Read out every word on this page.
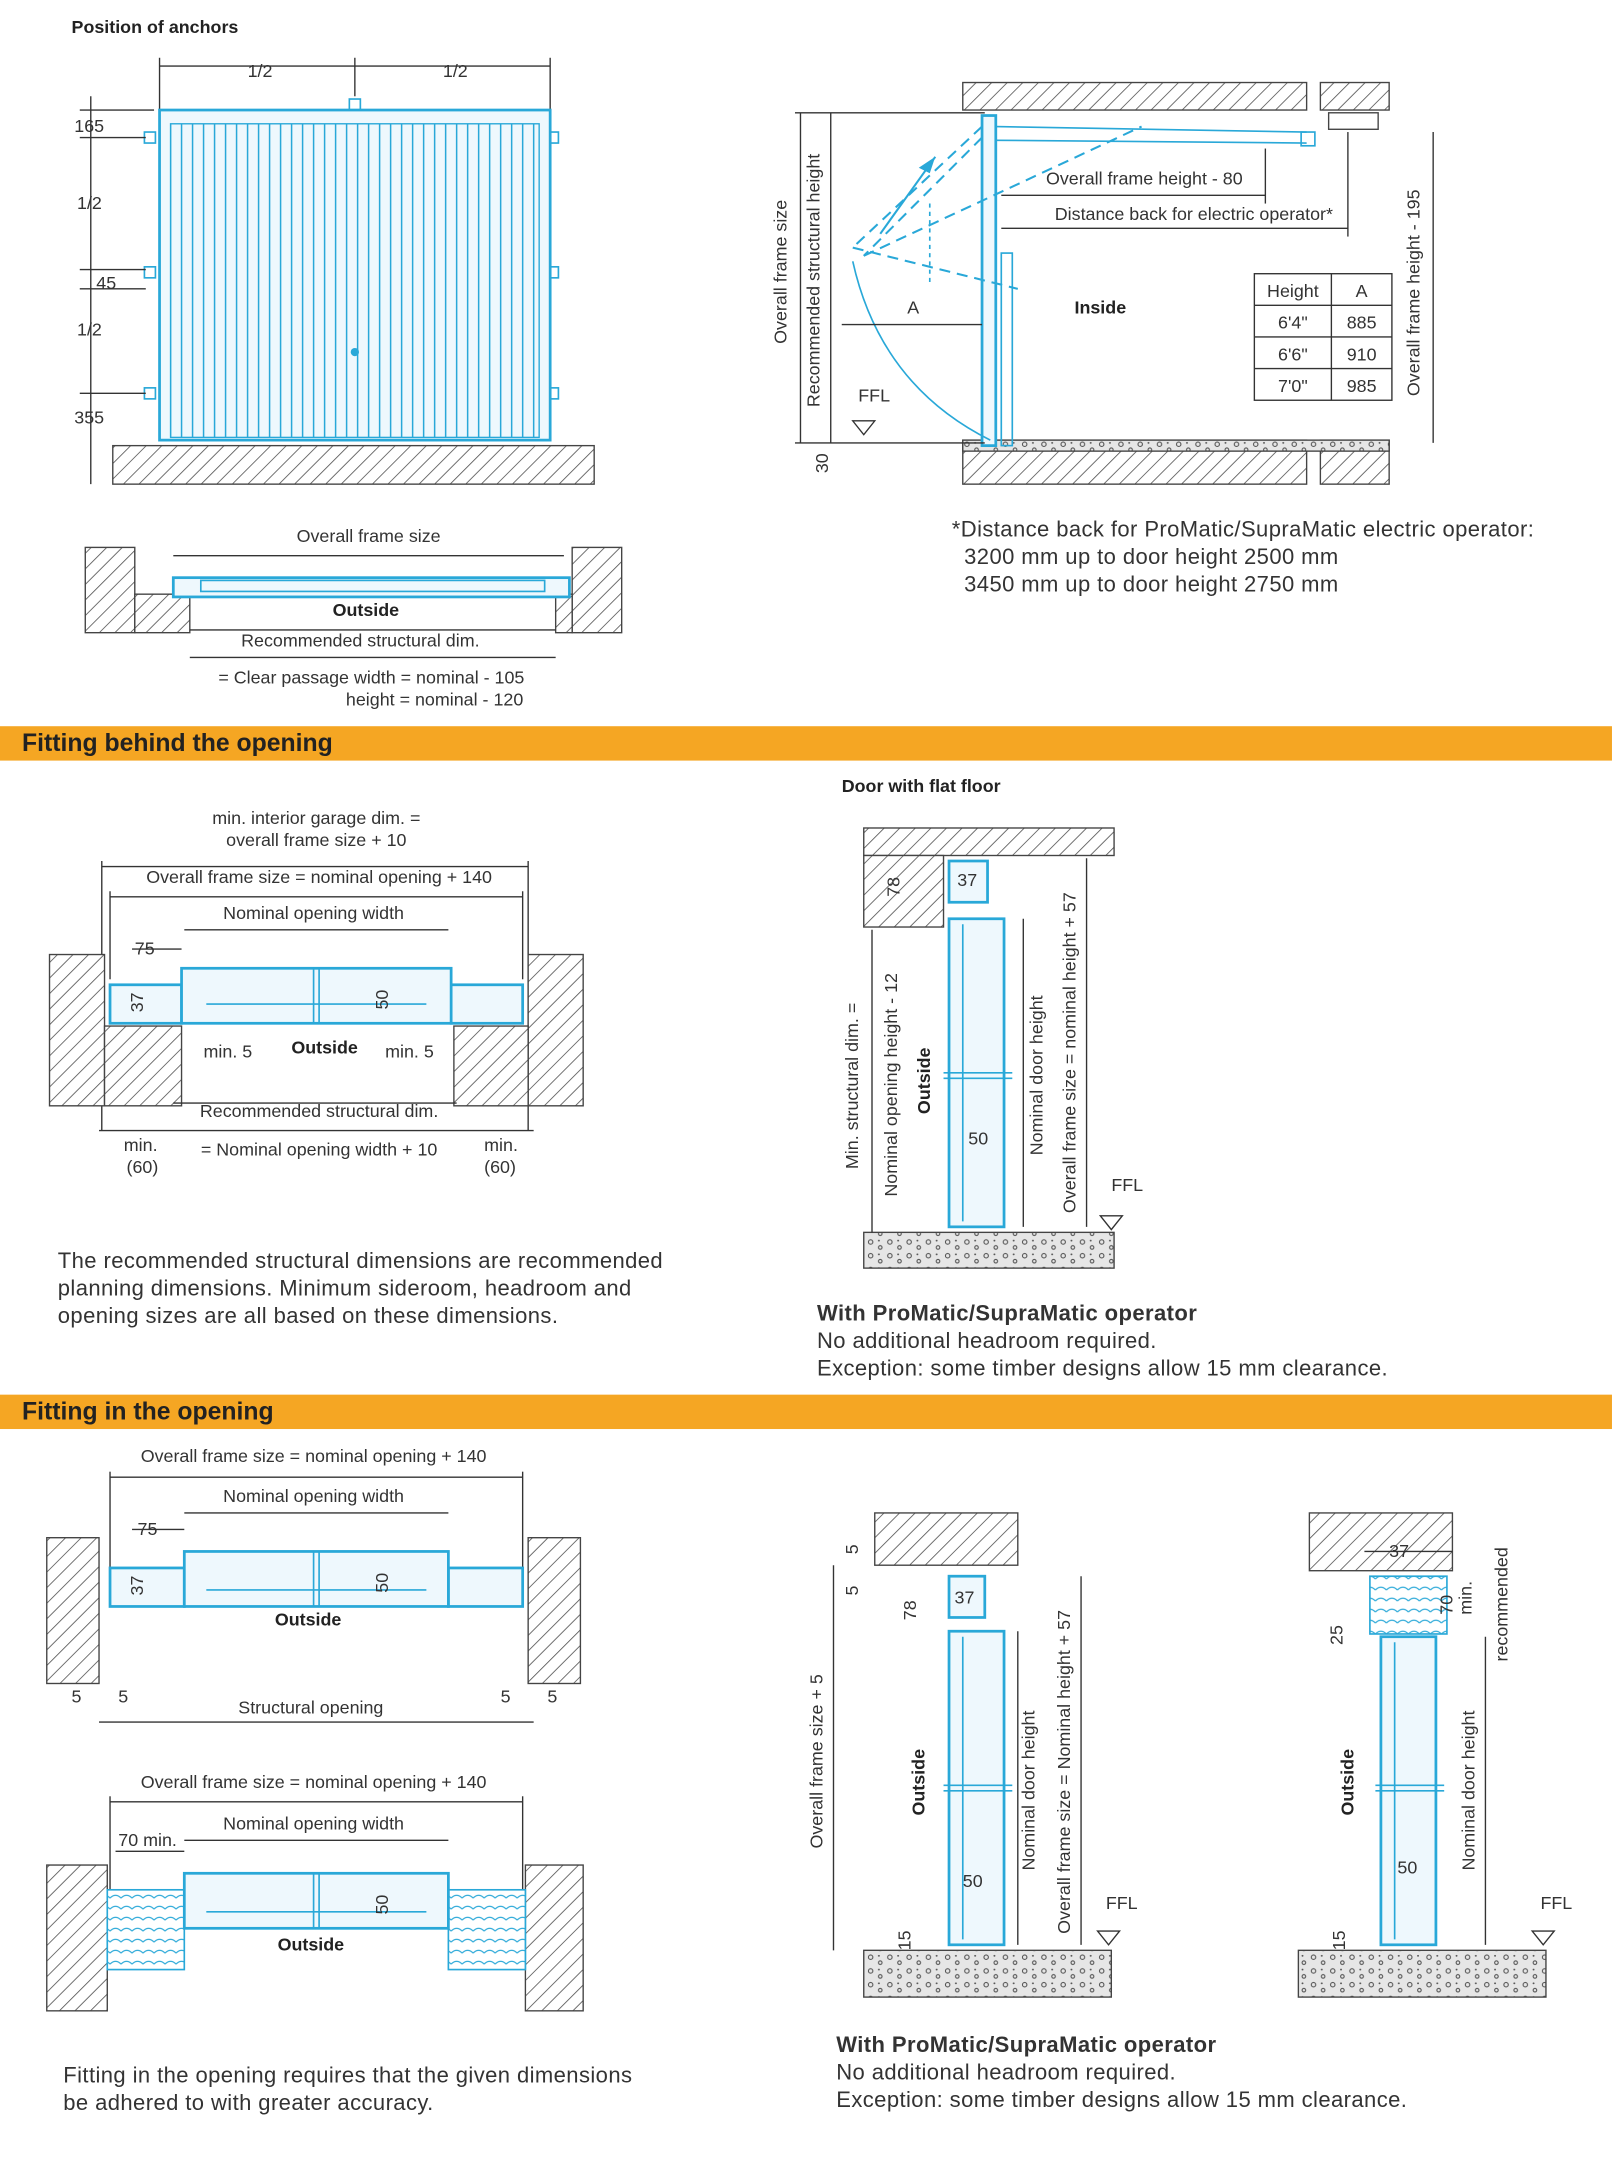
Position of anchors
1/2	1/2
165
1/2
45
1/2
355
Overall frame size
Outside
Recommended structural dim.
= Clear passage width = nominal - 105
height = nominal - 120
Overall frame size Recommended structural height
30
Overall frame height - 80
Distance back for electric operator*
A	Inside
FFL	Overall frame height - 195
Height	A
6'4"	885
6'6"	910
7'0"	985
min. interior garage dim. =
overall frame size + 10
Overall frame size = nominal opening + 140
Nominal opening width
75
37	50
min. 5	Outside min. 5
Recommended structural dim.
= Nominal opening width + 10
min.
(60)
min.
(60)
Door with flat floor
78	37
50
Min. structural dim. = Nominal opening height - 12 Outside	Nominal door height Overall frame size = nominal height + 57 FFL
Overall frame size = nominal opening + 140
Nominal opening width
75
37	50
Outside
Structural opening
5	5	5	5
Overall frame size = nominal opening + 140
Nominal opening width
70 min.
50
Outside
5
5
78
37
50
15
Overall frame size + 5	Outside	Nominal door height Overall frame size = Nominal height + 57 FFL
37
25
70 min. recommended
50
15
Outside	Nominal door height
FFL
Fitting behind the opening
Fitting in the opening
*Distance back for ProMatic/SupraMatic electric operator:
3200 mm up to door height 2500 mm
3450 mm up to door height 2750 mm
The recommended structural dimensions are recommended planning dimensions. Minimum sideroom, headroom and opening sizes are all based on these dimensions.	With ProMatic/SupraMatic operator
No additional headroom required.
Exception: some timber designs allow 15 mm clearance.
Fitting in the opening requires that the given dimensions be adhered to with greater accuracy.
With ProMatic/SupraMatic operator
No additional headroom required.
Exception: some timber designs allow 15 mm clearance.
